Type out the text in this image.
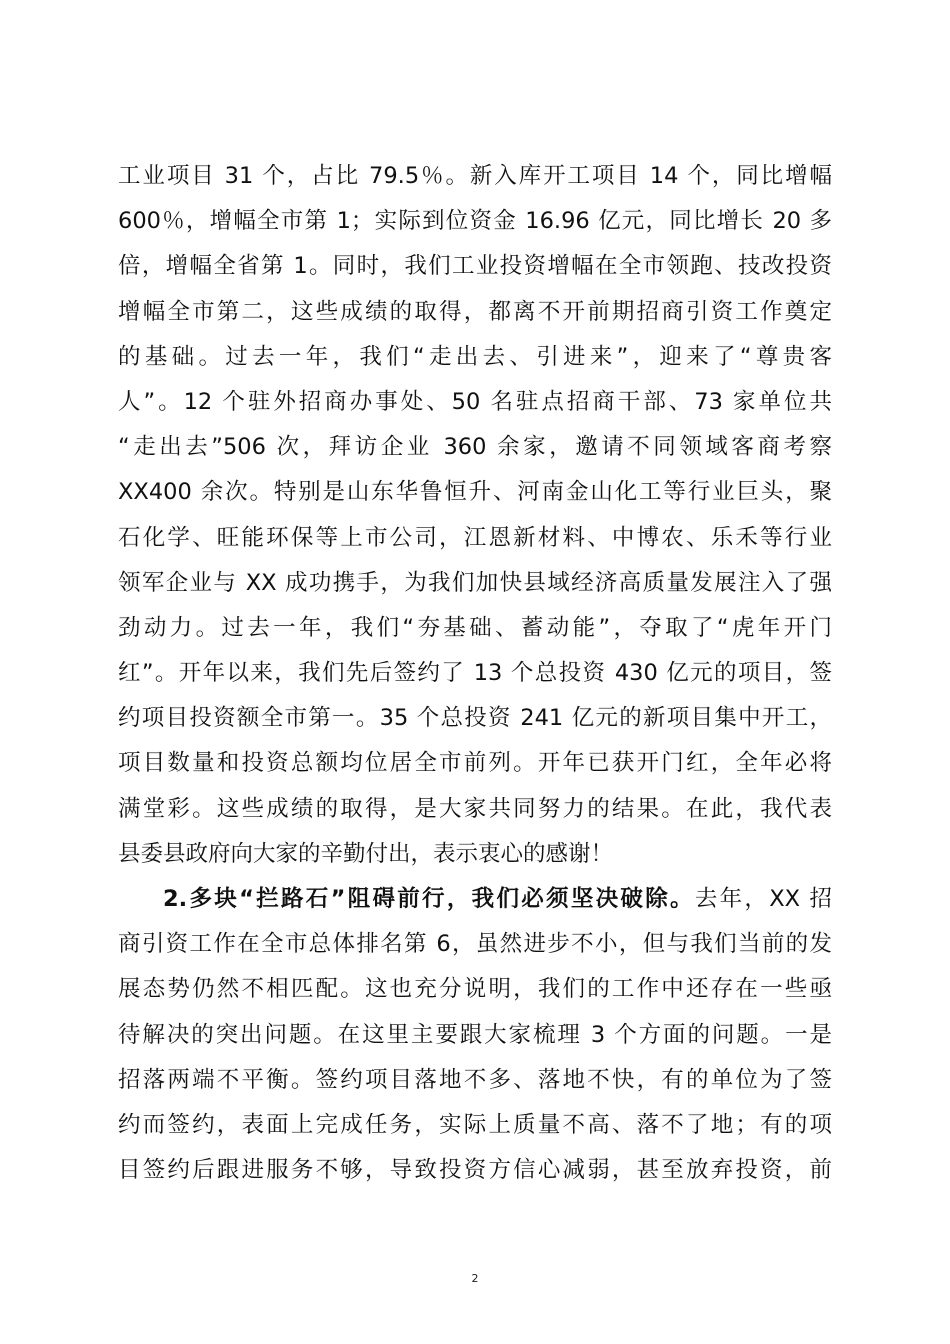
工业项目 31 个，占比 79.5％。新入库开工项目 14 个，同比增幅
600％，增幅全市第 1；实际到位资金 16.96 亿元，同比增长 20 多
倍，增幅全省第 1。同时，我们工业投资增幅在全市领跑、技改投资
增幅全市第二，这些成绩的取得，都离不开前期招商引资工作奠定
的基础。过去一年，我们“走出去、引进来”，迎来了“尊贵客
人”。12 个驻外招商办事处、50 名驻点招商干部、73 家单位共
“走出去”506 次，拜访企业 360 余家，邀请不同领域客商考察
XX400 余次。特别是山东华鲁恒升、河南金山化工等行业巨头，聚
石化学、旺能环保等上市公司，江恩新材料、中博农、乐禾等行业
领军企业与 XX 成功携手，为我们加快县域经济高质量发展注入了强
劲动力。过去一年，我们“夯基础、蓄动能”，夺取了“虎年开门
红”。开年以来，我们先后签约了 13 个总投资 430 亿元的项目，签
约项目投资额全市第一。35 个总投资 241 亿元的新项目集中开工，
项目数量和投资总额均位居全市前列。开年已获开门红，全年必将
满堂彩。这些成绩的取得，是大家共同努力的结果。在此，我代表
县委县政府向大家的辛勤付出，表示衷心的感谢！
2.多块“拦路石”阻碍前行，我们必须坚决破除。去年，XX 招
商引资工作在全市总体排名第 6，虽然进步不小，但与我们当前的发
展态势仍然不相匹配。这也充分说明，我们的工作中还存在一些亟
待解决的突出问题。在这里主要跟大家梳理 3 个方面的问题。一是
招落两端不平衡。签约项目落地不多、落地不快，有的单位为了签
约而签约，表面上完成任务，实际上质量不高、落不了地；有的项
目签约后跟进服务不够，导致投资方信心减弱，甚至放弃投资，前
2
